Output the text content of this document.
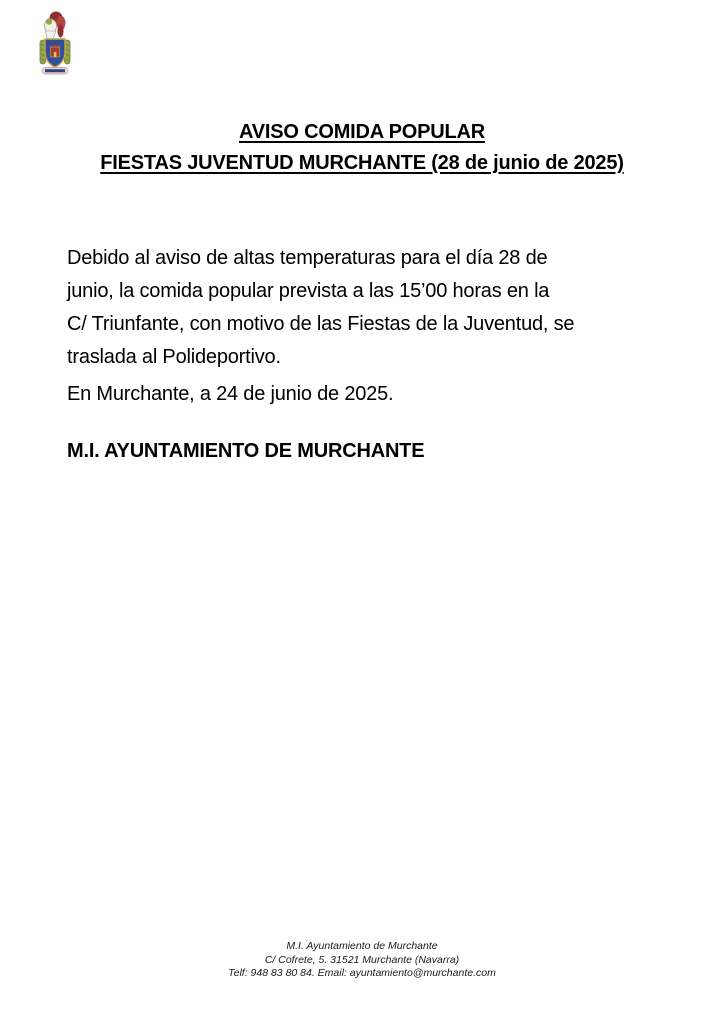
AVISO COMIDA POPULAR
FIESTAS JUVENTUD MURCHANTE (28 de junio de 2025)
Debido al aviso de altas temperaturas para el día 28 de
junio, la comida popular prevista a las 15’00 horas en la
C/ Triunfante, con motivo de las Fiestas de la Juventud, se
traslada al Polideportivo.
En Murchante, a 24 de junio de 2025.
M.I. AYUNTAMIENTO DE MURCHANTE
M.I. Ayuntamiento de Murchante
C/ Cofrete, 5. 31521 Murchante (Navarra)
Telf: 948 83 80 84. Email: ayuntamiento@murchante.com
